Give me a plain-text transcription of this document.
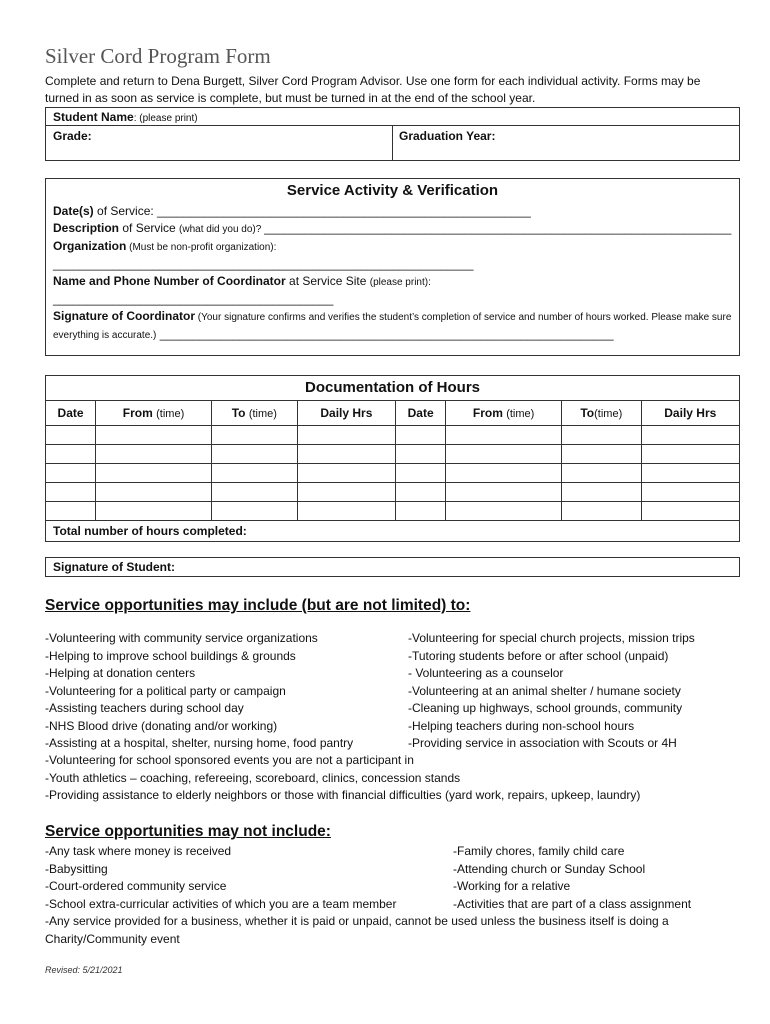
Silver Cord Program Form
Complete and return to Dena Burgett, Silver Cord Program Advisor. Use one form for each individual activity. Forms may be turned in as soon as service is complete, but must be turned in at the end of the school year.
Student Name: (please print)
Grade:	Graduation Year:
Service Activity & Verification
Date(s) of Service: ________________________________________________________
Description of Service (what did you do)? ______________________________________________________________________
Organization (Must be non-profit organization):
_______________________________________________________________
Name and Phone Number of Coordinator at Service Site (please print):
__________________________________________
Signature of Coordinator (Your signature confirms and verifies the student’s completion of service and number of hours worked. Please make sure everything is accurate.) ____________________________________________________________________
Documentation of Hours
Date	From (time)	To (time)	Daily Hrs	Date	From (time)	To(time)	Daily Hrs

Total number of hours completed:							
Signature of Student:
Service opportunities may include (but are not limited) to:
-Volunteering with community service organizations
-Helping to improve school buildings & grounds
-Helping at donation centers
-Volunteering for a political party or campaign
-Assisting teachers during school day
-NHS Blood drive (donating and/or working)
-Assisting at a hospital, shelter, nursing home, food pantry
-Volunteering for special church projects, mission trips
-Tutoring students before or after school (unpaid)
- Volunteering as a counselor
-Volunteering at an animal shelter / humane society
-Cleaning up highways, school grounds, community
-Helping teachers during non-school hours
-Providing service in association with Scouts or 4H
-Volunteering for school sponsored events you are not a participant in
-Youth athletics – coaching, refereeing, scoreboard, clinics, concession stands
-Providing assistance to elderly neighbors or those with financial difficulties (yard work, repairs, upkeep, laundry)
Service opportunities may not include:
-Any task where money is received
-Babysitting
-Court-ordered community service
-School extra-curricular activities of which you are a team member
-Family chores, family child care
-Attending church or Sunday School
-Working for a relative
-Activities that are part of a class assignment
-Any service provided for a business, whether it is paid or unpaid, cannot be used unless the business itself is doing a Charity/Community event
Revised: 5/21/2021
